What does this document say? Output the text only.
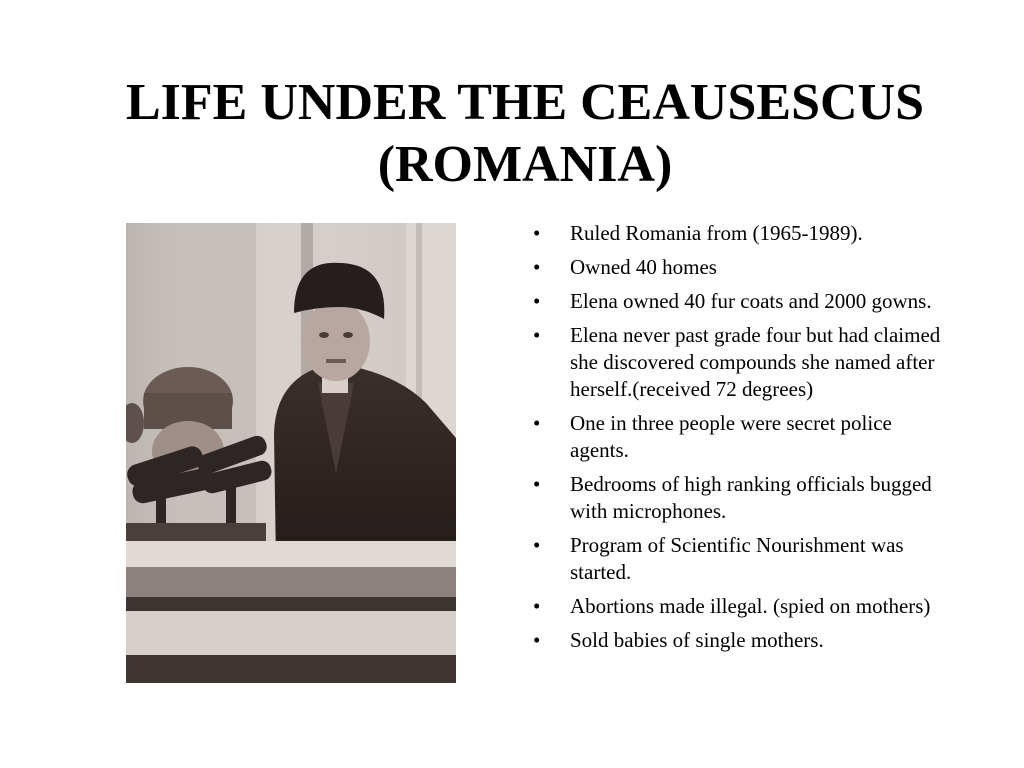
LIFE UNDER THE CEAUSESCUS
(ROMANIA)
• Ruled Romania from (1965-1989).
• Owned 40 homes
• Elena owned 40 fur coats and 2000 gowns.
• Elena never past grade four but had claimed she discovered compounds she named after herself.(received 72 degrees)
• One in three people were secret police agents.
• Bedrooms of high ranking officials bugged with microphones.
• Program of Scientific Nourishment was started.
• Abortions made illegal. (spied on mothers)
• Sold babies of single mothers.
